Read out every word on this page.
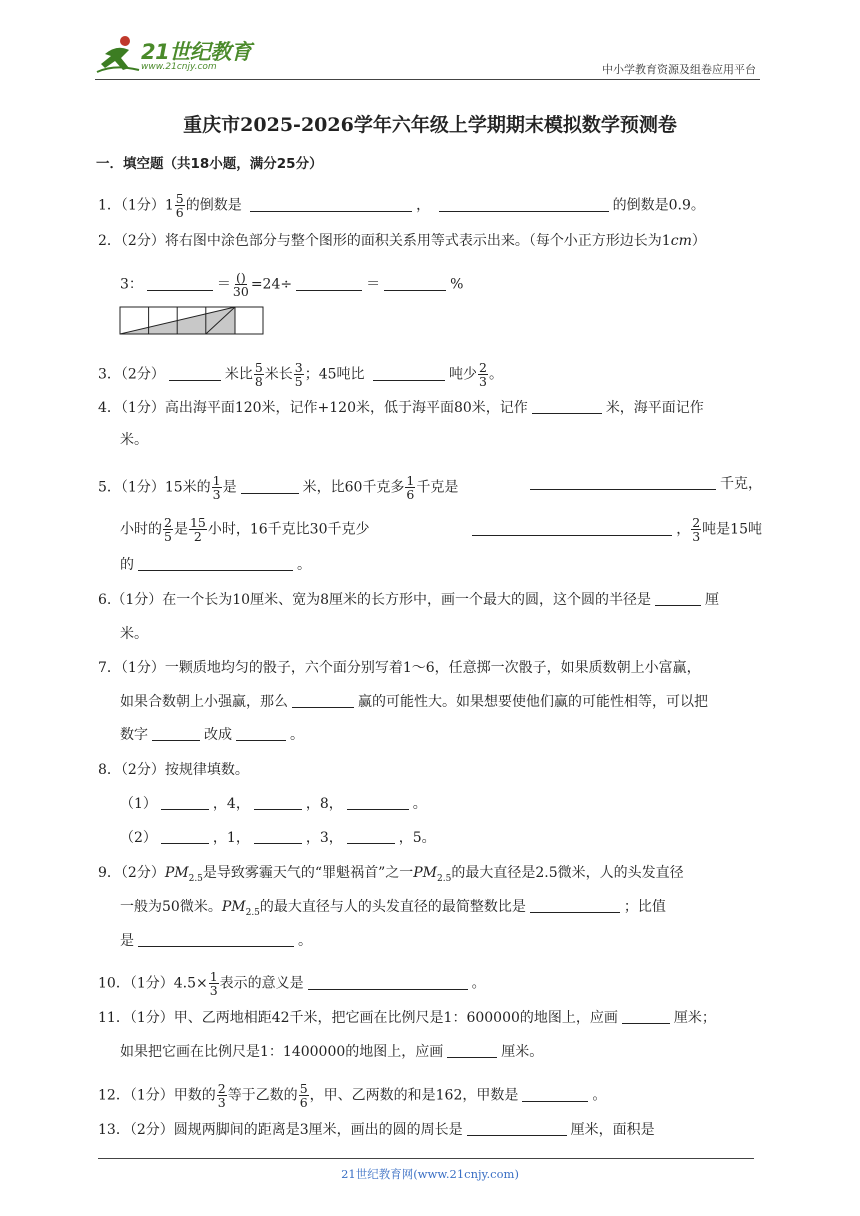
21世纪教育
www.21cnjy.com	中小学教育资源及组卷应用平台
重庆市2025-2026学年六年级上学期期末模拟数学预测卷
一．填空题（共18小题，满分25分）
1．（1分）$1 \frac{5}{6}$ 的倒数是	，	的倒数是0.9。
2．（2分）将右图中涂色部分与整个图形的面积关系用等式表示出来。（每个小正方形边长为1cm）
3：	＝ $\frac{()}{30} =24\div$	＝	%
3．（2分）	米比 $\frac{5}{8}$ 米长 $\frac{3}{5}$ ；45吨比	吨少 $\frac{2}{3}$ 。
4．（1分）高出海平面120米，记作+120米，低于海平面80米，记作	米，海平面记作
米。
5．（1分）15米的 $\frac{1}{3}$ 是	米，比60千克多 $\frac{1}{6}$ 千克是	千克，
小时的 $\frac{2}{5}$ 是 $\frac{15}{2}$ 小时，16千克比30千克少	， $\frac{2}{3}$ 吨是15吨
的	。
6.（1分）在一个长为10厘米、宽为8厘米的长方形中，画一个最大的圆，这个圆的半径是	厘
米。
7．（1分）一颗质地均匀的骰子，六个面分别写着1～6，任意掷一次骰子，如果质数朝上小富赢，
如果合数朝上小强赢，那么	赢的可能性大。如果想要使他们赢的可能性相等，可以把
数字	改成	。
8．（2分）按规律填数。
（1）	，4，	，8，	。
（2）	，1，	，3，	，5。
9．（2分）$PM_{2.5}$是导致雾霾天气的“罪魁祸首”之一$PM_{2.5}$的最大直径是2.5微米，人的头发直径
一般为50微米。$PM_{2.5}$的最大直径与人的头发直径的最简整数比是	；比值
是	。
10．（1分）$4.5\times \frac{1}{3}$ 表示的意义是	。
11．（1分）甲、乙两地相距42千米，把它画在比例尺是1：600000的地图上，应画	厘米；
如果把它画在比例尺是1：1400000的地图上，应画	厘米。
12．（1分）甲数的 $\frac{2}{3}$ 等于乙数的 $\frac{5}{6}$ ，甲、乙两数的和是162，甲数是	。
13．（2分）圆规两脚间的距离是3厘米，画出的圆的周长是	厘米，面积是
21世纪教育网(www.21cnjy.com)
